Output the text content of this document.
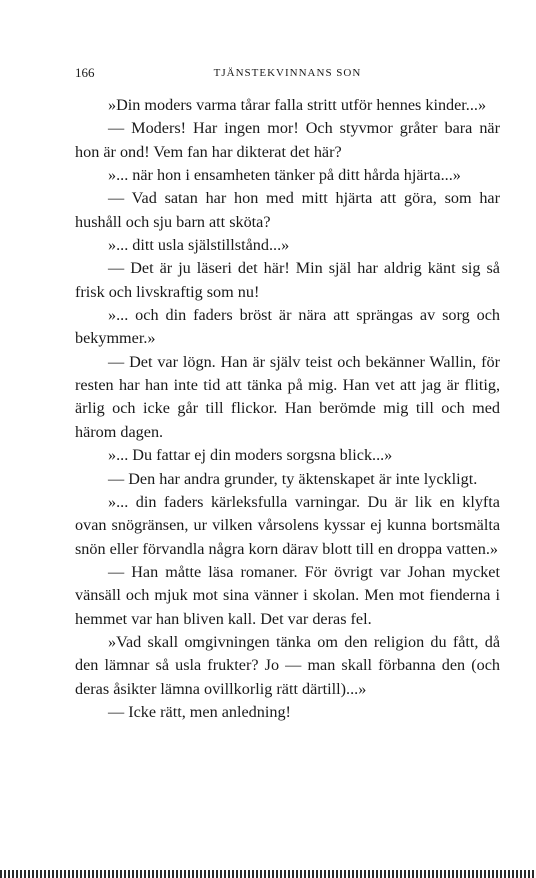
166	TJÄNSTEKVINNANS SON

»Din moders varma tårar falla stritt utför hennes kinder...»

— Moders! Har ingen mor! Och styvmor gråter bara när hon är ond! Vem fan har dikterat det här?

»... när hon i ensamheten tänker på ditt hårda hjärta...»

— Vad satan har hon med mitt hjärta att göra, som har hushåll och sju barn att sköta?

»... ditt usla själstillstånd...»

— Det är ju läseri det här! Min själ har aldrig känt sig så frisk och livskraftig som nu!

»... och din faders bröst är nära att sprängas av sorg och bekymmer.»

— Det var lögn. Han är själv teist och bekänner Wallin, för resten har han inte tid att tänka på mig. Han vet att jag är flitig, ärlig och icke går till flickor. Han berömde mig till och med härom dagen.

»... Du fattar ej din moders sorgsna blick...»

— Den har andra grunder, ty äktenskapet är inte lyckligt.

»... din faders kärleksfulla varningar. Du är lik en klyfta ovan snögränsen, ur vilken vårsolens kyssar ej kunna bortsmälta snön eller förvandla några korn därav blott till en droppa vatten.»

— Han måtte läsa romaner. För övrigt var Johan mycket vänsäll och mjuk mot sina vänner i skolan. Men mot fienderna i hemmet var han bliven kall. Det var deras fel.

»Vad skall omgivningen tänka om den religion du fått, då den lämnar så usla frukter? Jo — man skall förbanna den (och deras åsikter lämna ovillkorlig rätt därtill)...»

— Icke rätt, men anledning!
